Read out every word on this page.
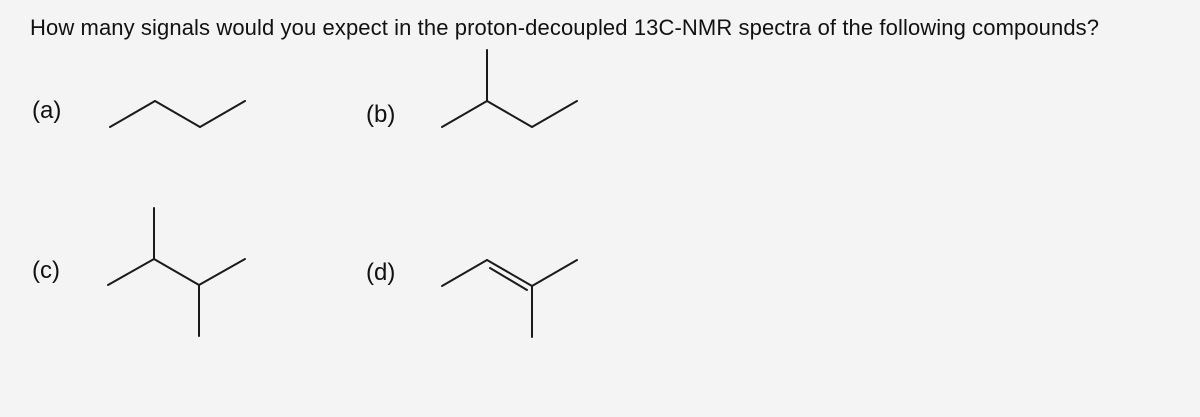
How many signals would you expect in the proton-decoupled 13C-NMR spectra of the following compounds?

(a)	(b)
(c)	(d)
